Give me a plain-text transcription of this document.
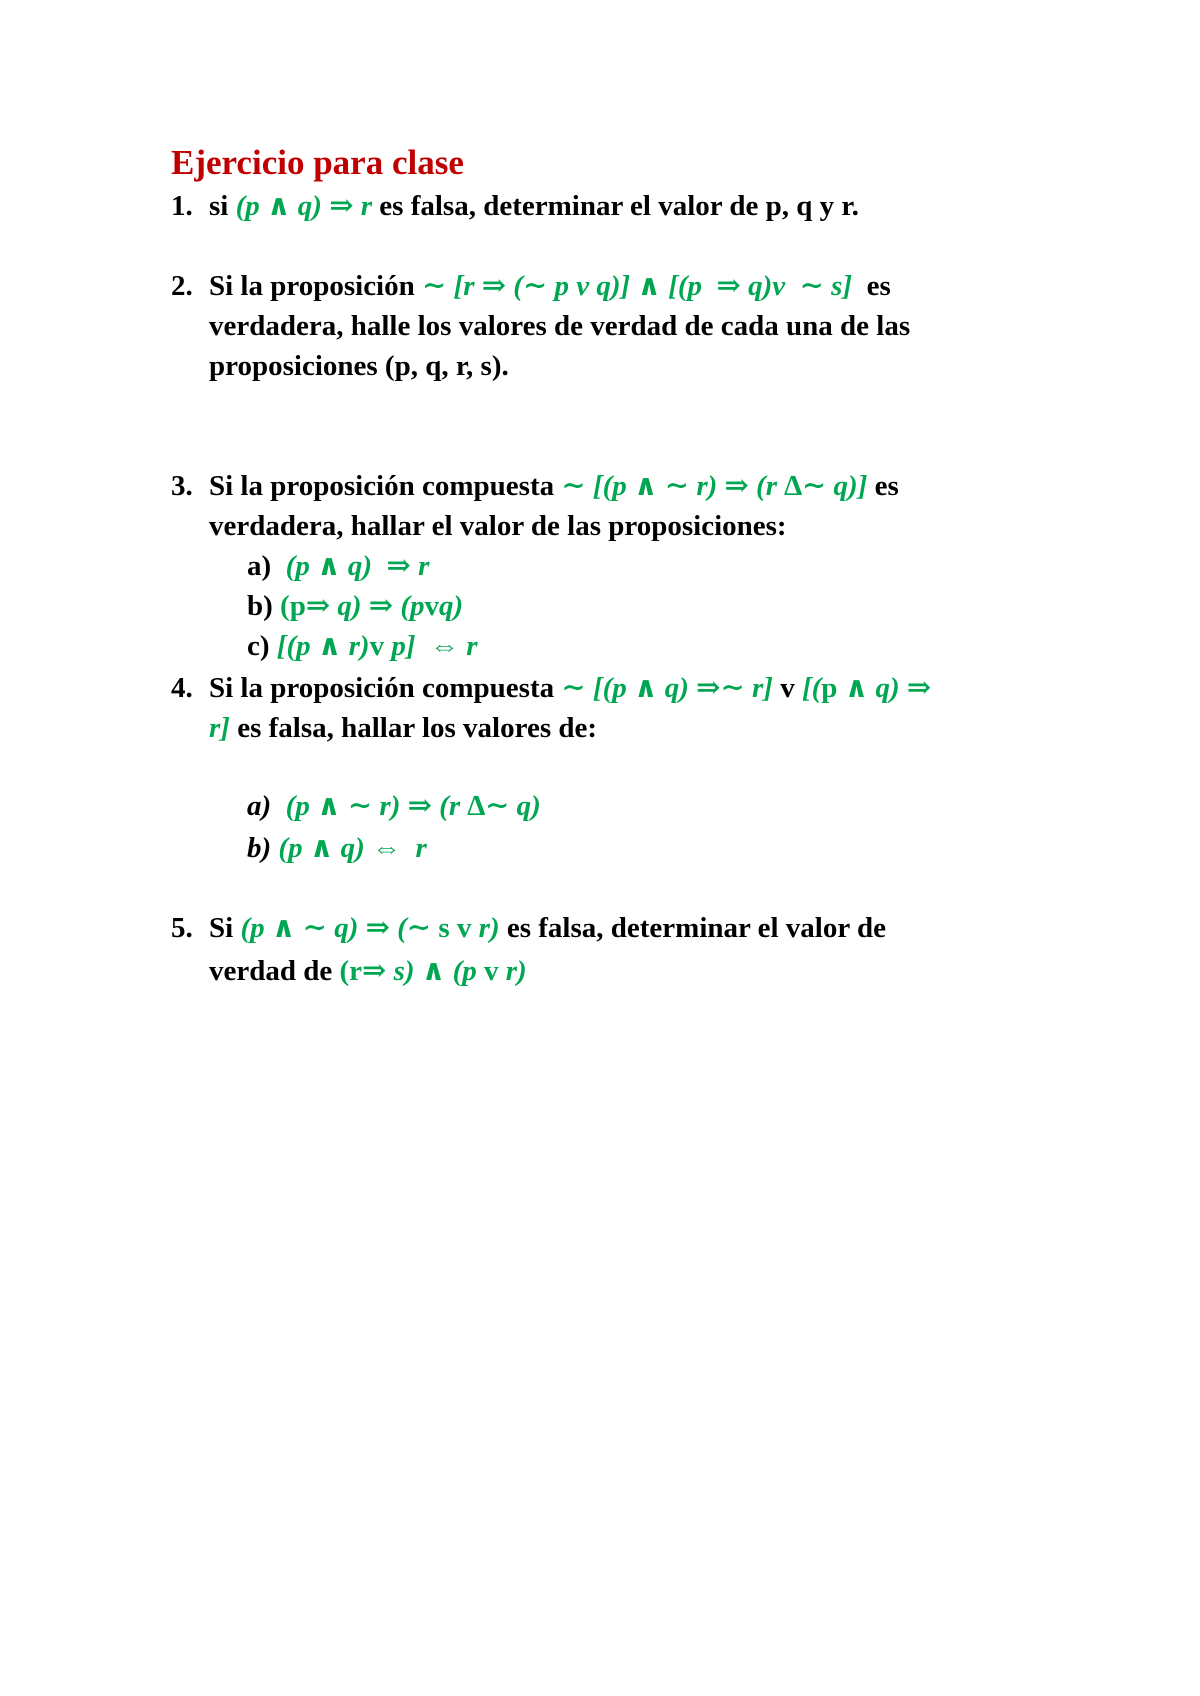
Ejercicio para clase
1. si (p ∧ q) ⇒ r es falsa, determinar el valor de p, q y r.
2. Si la proposición ∼ [r ⇒ (∼ p v q)] ∧ [(p  ⇒ q)v  ∼ s]  es
verdadera, halle los valores de verdad de cada una de las
proposiciones (p, q, r, s).
3. Si la proposición compuesta ∼ [(p ∧ ∼ r) ⇒ (r ∆∼ q)] es
verdadera, hallar el valor de las proposiciones:
a)  (p ∧ q)  ⇒ r
b) (p⇒ q) ⇒ (pvq)
c) [(p ∧ r)v p]  ⇔ r
4. Si la proposición compuesta ∼ [(p ∧ q) ⇒∼ r] v [(p ∧ q) ⇒
r] es falsa, hallar los valores de:
a) (p ∧ ∼ r) ⇒ (r ∆∼ q)
b) (p ∧ q) ⇔  r
5. Si (p ∧ ∼ q) ⇒ (∼ s v r) es falsa, determinar el valor de
verdad de (r⇒ s) ∧ (p v r)
